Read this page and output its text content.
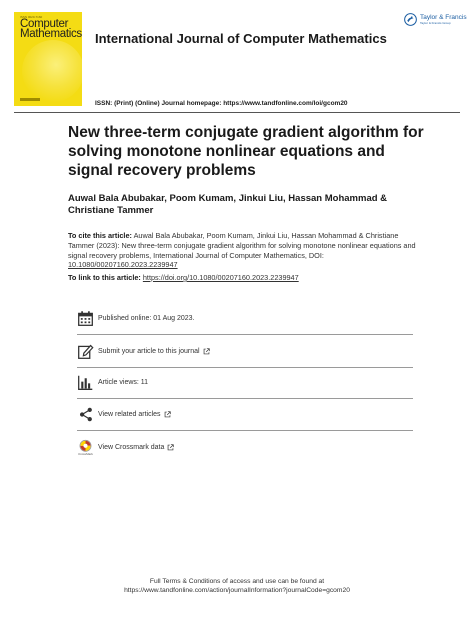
ISSN 0020-7160
Computer
Mathematics International Journal of Computer Mathematics
Taylor & Francis
Taylor & Francis Group
ISSN: (Print) (Online) Journal homepage: https://www.tandfonline.com/loi/gcom20
New three-term conjugate gradient algorithm for solving monotone nonlinear equations and signal recovery problems
Auwal Bala Abubakar, Poom Kumam, Jinkui Liu, Hassan Mohammad & Christiane Tammer
To cite this article: Auwal Bala Abubakar, Poom Kumam, Jinkui Liu, Hassan Mohammad & Christiane Tammer (2023): New three-term conjugate gradient algorithm for solving monotone nonlinear equations and signal recovery problems, International Journal of Computer Mathematics, DOI: 10.1080/00207160.2023.2239947
To link to this article: https://doi.org/10.1080/00207160.2023.2239947
Published online: 01 Aug 2023.
Submit your article to this journal
Article views: 11
View related articles
CrossMark
View Crossmark data
Full Terms & Conditions of access and use can be found at
https://www.tandfonline.com/action/journalInformation?journalCode=gcom20
